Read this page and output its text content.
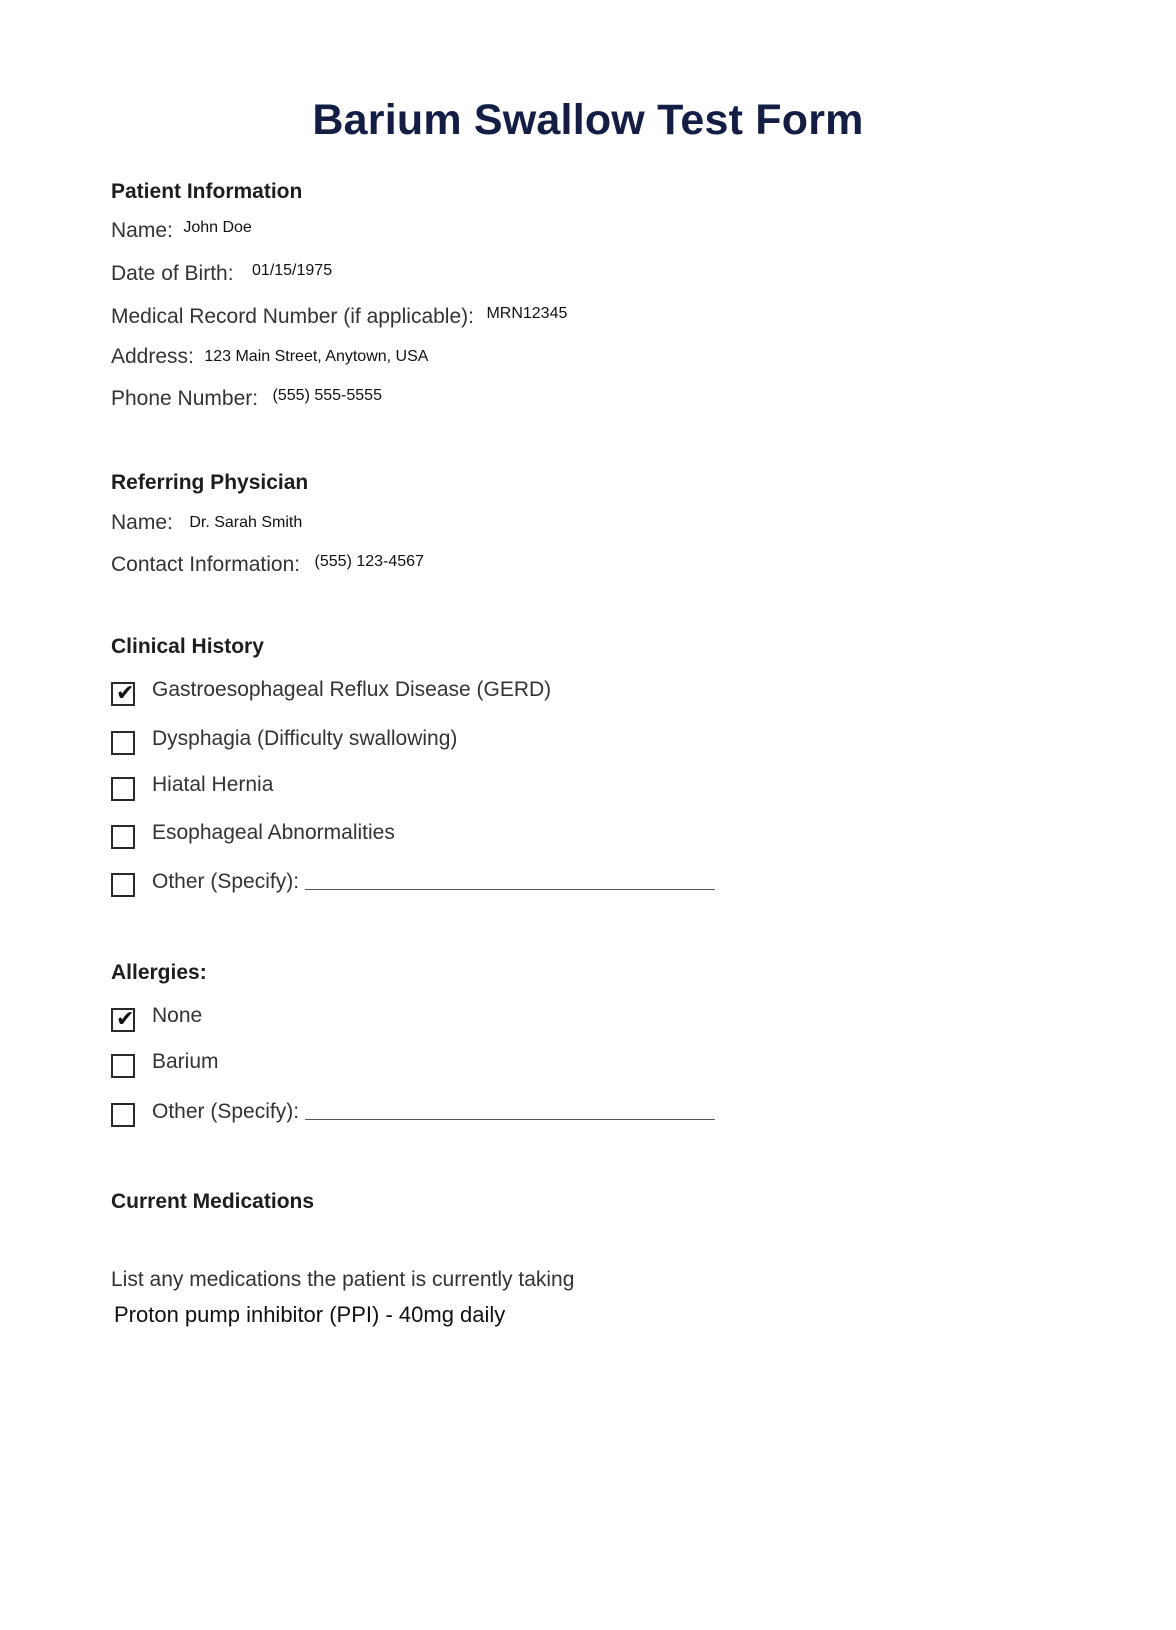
Barium Swallow Test Form
Patient Information
Name: John Doe
Date of Birth: 01/15/1975
Medical Record Number (if applicable): MRN12345
Address: 123 Main Street, Anytown, USA
Phone Number: (555) 555-5555
Referring Physician
Name: Dr. Sarah Smith
Contact Information: (555) 123-4567
Clinical History
✔ Gastroesophageal Reflux Disease (GERD)
Dysphagia (Difficulty swallowing)
Hiatal Hernia
Esophageal Abnormalities
Other (Specify):
Allergies:
✔ None
Barium
Other (Specify):
Current Medications
List any medications the patient is currently taking
Proton pump inhibitor (PPI) - 40mg daily
